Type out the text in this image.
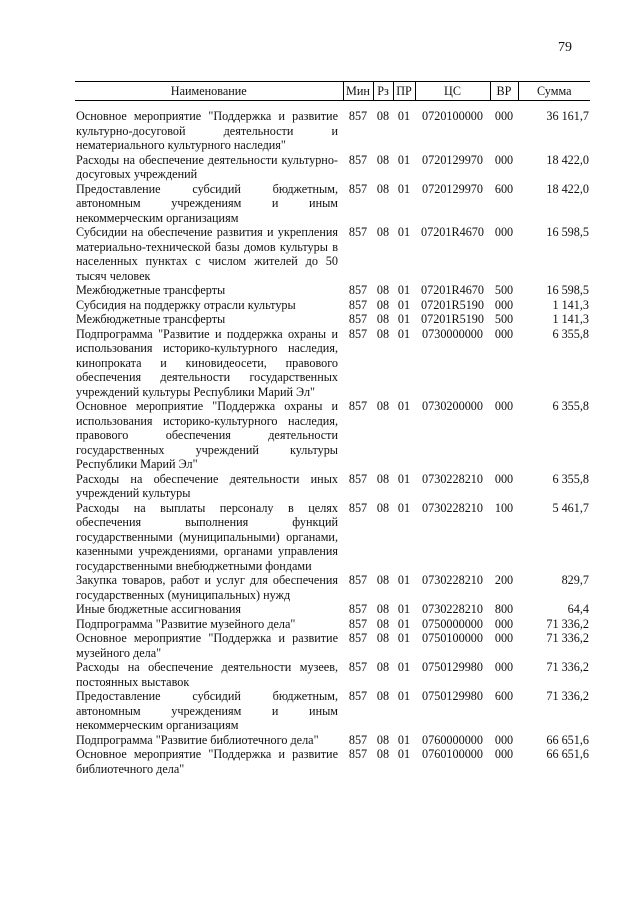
79
Наименование	Мин	Рз	ПР	ЦС	ВР	Сумма

Основное мероприятие "Поддержка и развитие культурно-досуговой деятельности и нематериального культурного наследия"	857	08	01	0720100000	000	36 161,7
Расходы на обеспечение деятельности культурно-досуговых учреждений	857	08	01	0720129970	000	18 422,0
Предоставление субсидий бюджетным, автономным учреждениям и иным некоммерческим организациям	857	08	01	0720129970	600	18 422,0
Субсидии на обеспечение развития и укрепления материально-технической базы домов культуры в населенных пунктах с числом жителей до 50 тысяч человек	857	08	01	07201R4670	000	16 598,5
Межбюджетные трансферты	857	08	01	07201R4670	500	16 598,5
Субсидия на поддержку отрасли культуры	857	08	01	07201R5190	000	1 141,3
Межбюджетные трансферты	857	08	01	07201R5190	500	1 141,3
Подпрограмма "Развитие и поддержка охраны и использования историко-культурного наследия, кинопроката и киновидеосети, правового обеспечения деятельности государственных учреждений культуры Республики Марий Эл"	857	08	01	0730000000	000	6 355,8
Основное мероприятие "Поддержка охраны и использования историко-культурного наследия, правового обеспечения деятельности государственных учреждений культуры Республики Марий Эл"	857	08	01	0730200000	000	6 355,8
Расходы на обеспечение деятельности иных учреждений культуры	857	08	01	0730228210	000	6 355,8
Расходы на выплаты персоналу в целях обеспечения выполнения функций государственными (муниципальными) органами, казенными учреждениями, органами управления государственными внебюджетными фондами	857	08	01	0730228210	100	5 461,7
Закупка товаров, работ и услуг для обеспечения государственных (муниципальных) нужд	857	08	01	0730228210	200	829,7
Иные бюджетные ассигнования	857	08	01	0730228210	800	64,4
Подпрограмма "Развитие музейного дела"	857	08	01	0750000000	000	71 336,2
Основное мероприятие "Поддержка и развитие музейного дела"	857	08	01	0750100000	000	71 336,2
Расходы на обеспечение деятельности музеев, постоянных выставок	857	08	01	0750129980	000	71 336,2
Предоставление субсидий бюджетным, автономным учреждениям и иным некоммерческим организациям	857	08	01	0750129980	600	71 336,2
Подпрограмма "Развитие библиотечного дела"	857	08	01	0760000000	000	66 651,6
Основное мероприятие "Поддержка и развитие библиотечного дела"	857	08	01	0760100000	000	66 651,6
